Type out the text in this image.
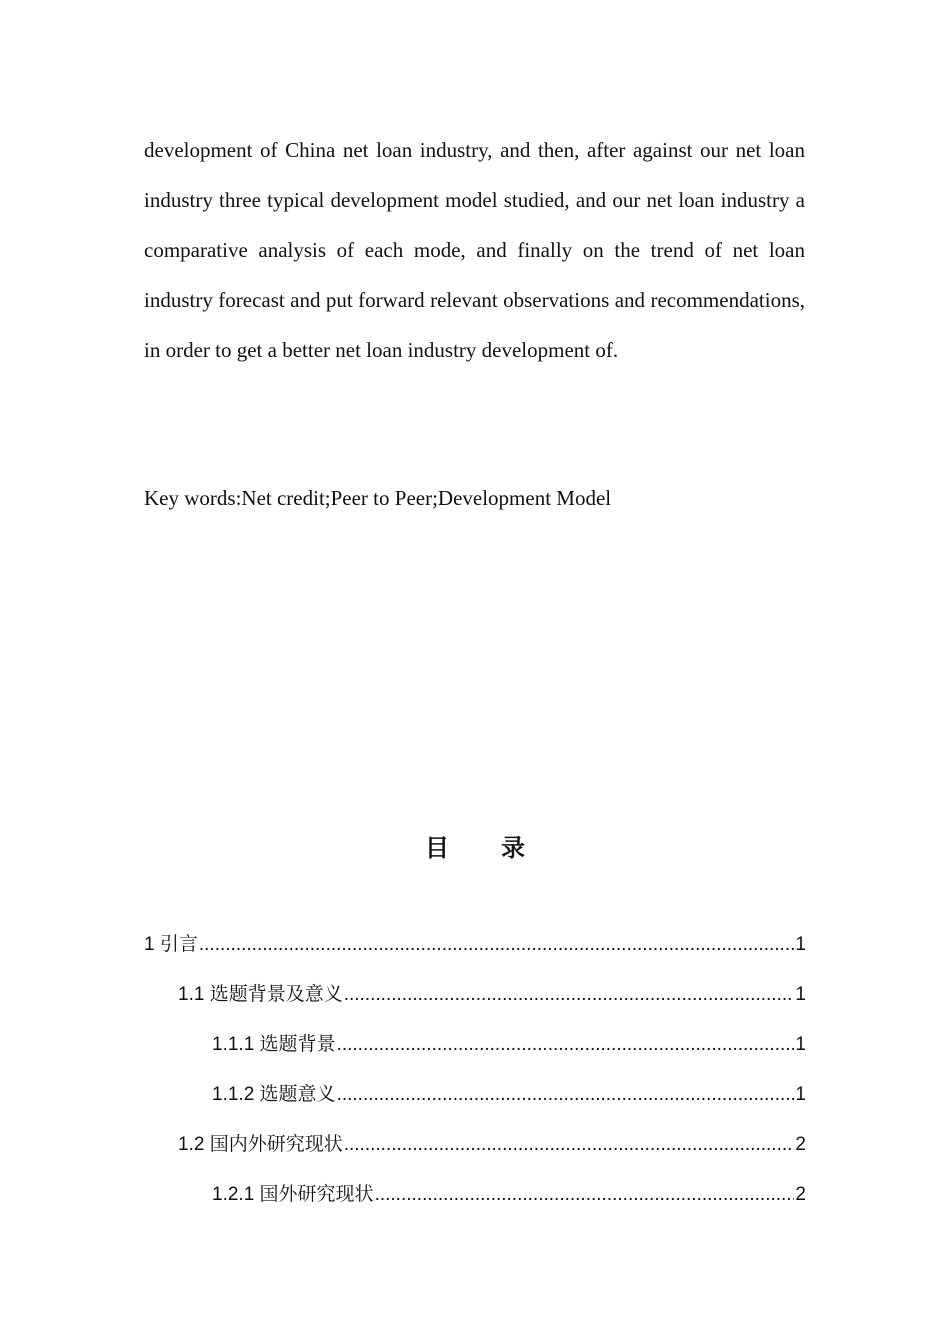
development of China net loan industry, and then, after against our net loan industry three typical development model studied, and our net loan industry a comparative analysis of each mode, and finally on the trend of net loan industry forecast and put forward relevant observations and recommendations, in order to get a better net loan industry development of.

Key words:Net credit;Peer to Peer;Development Model

目 录
1 引言 .....	1
1.1 选题背景及意义 .....	1
1.1.1 选题背景 .....	1
1.1.2 选题意义 .....	1
1.2 国内外研究现状 .....	2
1.2.1 国外研究现状 .....	2
